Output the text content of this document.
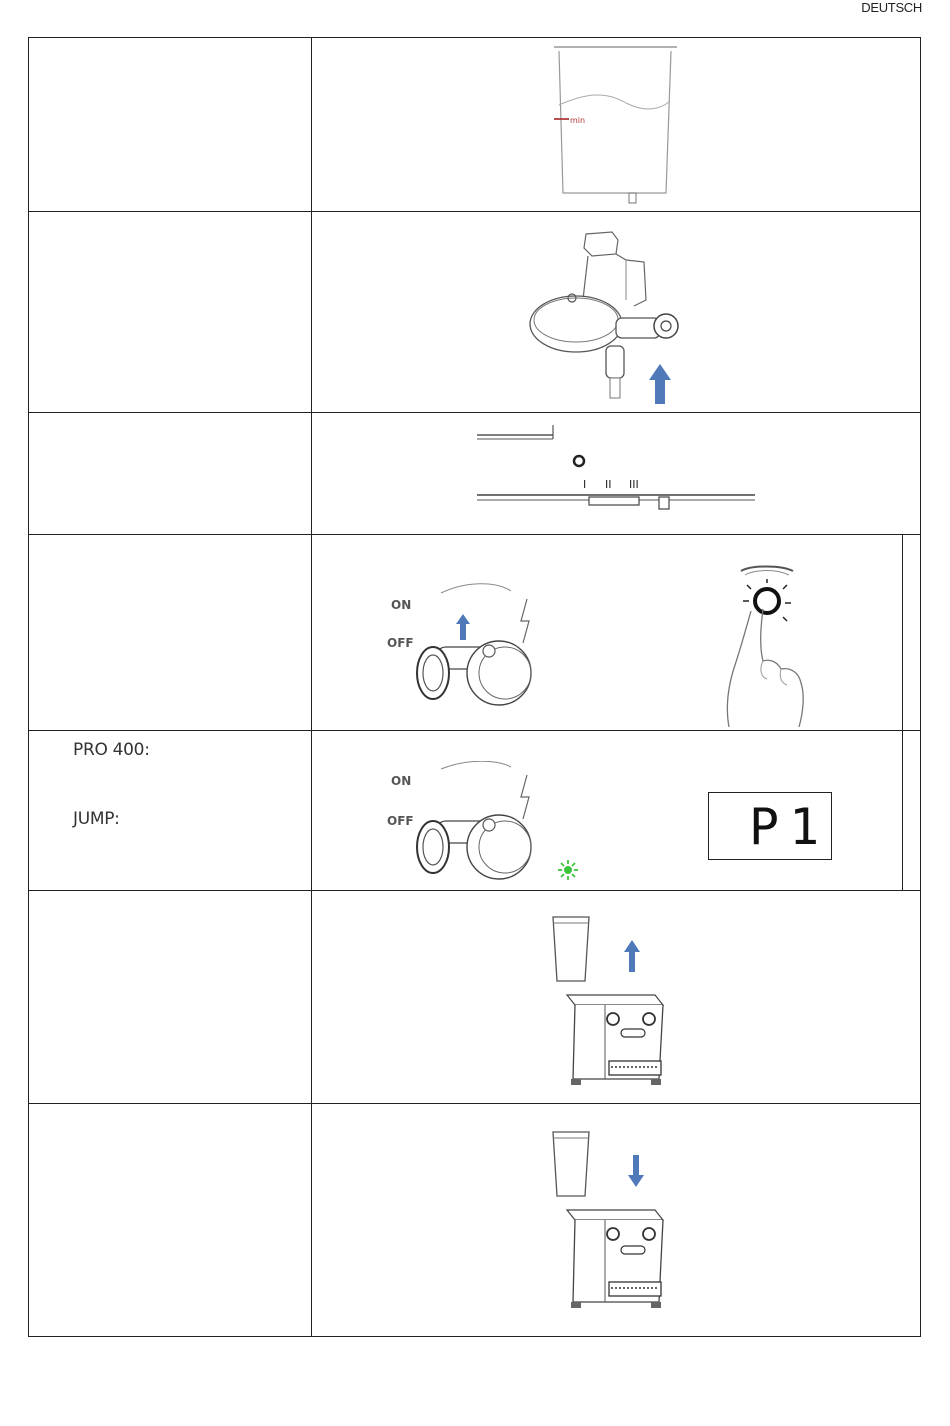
DEUTSCH
min
I II III
ON
OFF
PRO 400:
JUMP:
ON
OFF	P1
